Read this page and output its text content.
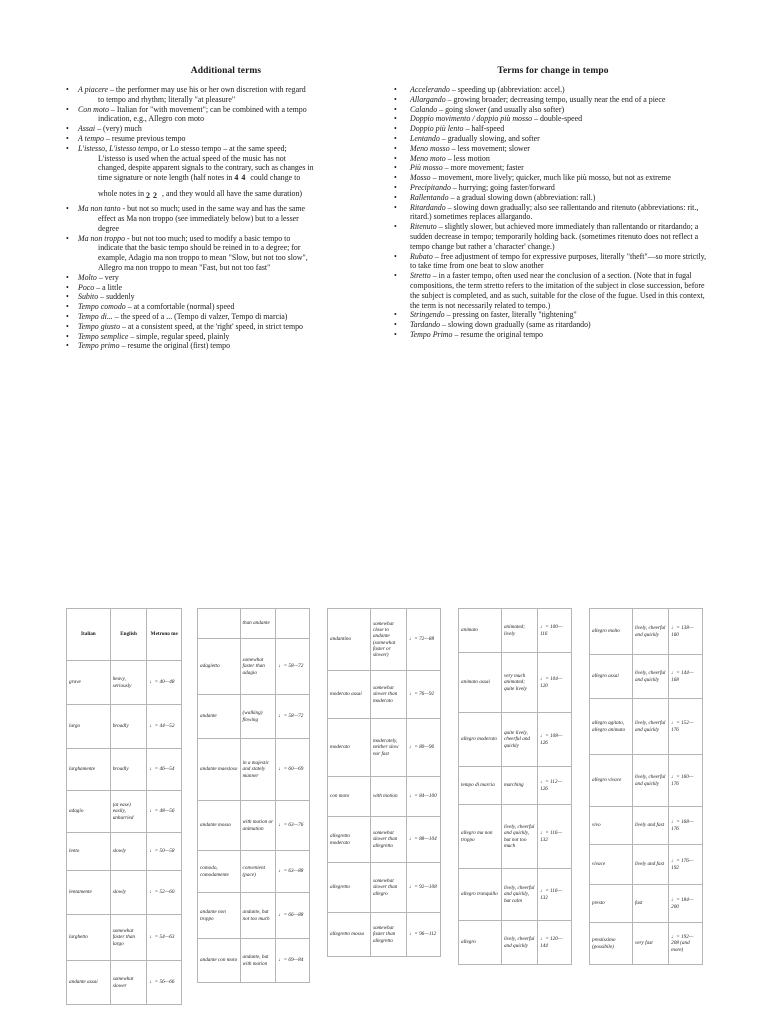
Additional terms
• A piacere – the performer may use his or her own discretion with regard
to tempo and rhythm; literally "at pleasure"
• Con moto – Italian for "with movement"; can be combined with a tempo
indication, e.g., Allegro con moto
• Assai – (very) much
• A tempo – resume previous tempo
• L'istesso, L'istesso tempo, or Lo stesso tempo – at the same speed;
L'istesso is used when the actual speed of the music has not
changed, despite apparent signals to the contrary, such as changes in
time signature or note length (half notes in 4 4 could change to
whole notes in 2 2 , and they would all have the same duration)
• Ma non tanto - but not so much; used in the same way and has the same
effect as Ma non troppo (see immediately below) but to a lesser
degree
• Ma non troppo - but not too much; used to modify a basic tempo to
indicate that the basic tempo should be reined in to a degree; for
example, Adagio ma non troppo to mean "Slow, but not too slow",
Allegro ma non troppo to mean "Fast, but not too fast"
• Molto – very
• Poco – a little
• Subito – suddenly
• Tempo comodo – at a comfortable (normal) speed
• Tempo di... – the speed of a ... (Tempo di valzer, Tempo di marcia)
• Tempo giusto – at a consistent speed, at the 'right' speed, in strict tempo
• Tempo semplice – simple, regular speed, plainly
• Tempo primo – resume the original (first) tempo
Terms for change in tempo
• Accelerando – speeding up (abbreviation: accel.)
• Allargando – growing broader; decreasing tempo, usually near the end of a piece
• Calando – going slower (and usually also softer)
• Doppio movimento / doppio più mosso – double-speed
• Doppio più lento – half-speed
• Lentando – gradually slowing, and softer
• Meno mosso – less movement; slower
• Meno moto – less motion
• Più mosso – more movement; faster
• Mosso – movement, more lively; quicker, much like più mosso, but not as extreme
• Precipitando – hurrying; going faster/forward
• Rallentando – a gradual slowing down (abbreviation: rall.)
• Ritardando – slowing down gradually; also see rallentando and ritenuto (abbreviations: rit., ritard.) sometimes replaces allargando.
• Ritenuto – slightly slower, but achieved more immediately than rallentando or ritardando; a sudden decrease in tempo; temporarily holding back. (sometimes ritenuto does not reflect a tempo change but rather a 'character' change.)
• Rubato – free adjustment of tempo for expressive purposes, literally "theft"—so more strictly, to take time from one beat to slow another
• Stretto – in a faster tempo, often used near the conclusion of a section. (Note that in fugal compositions, the term stretto refers to the imitation of the subject in close succession, before the subject is completed, and as such, suitable for the close of the fugue. Used in this context, the term is not necessarily related to tempo.)
• Stringendo – pressing on faster, literally "tightening"
• Tardando – slowing down gradually (same as ritardando)
• Tempo Primo – resume the original tempo
Italian	English	Metrono me
grave	heavy, seriously	♩= 40—48
largo	broadly	♩= 44—52
larghamente	broadly	♩= 46—54
adagio	(at ease) easily, unhurried	♩= 48—56
lento	slowly	♩= 50—58
lentamente	slowly	♩= 52—60
larghetto	somewhat faster than largo	♩= 54—63
andante assai	somewhat slower	♩= 56—66
	than andante	
adagietto	somewhat faster than adagio	♩= 58—72
andante	(walking) flowing	♩= 58—72
andante maestoso	in a majestic and stately manner	♩= 60—69
andante mosso	with motion or animation	♩= 63—76
comodo, comodamente	convenient (pace)	♩= 63—88
andante non troppo	andante, but not too much	♩= 66—88
andante con moto	andante, but with motion	♩= 69—84
andantino	somewhat close to andante (somewhat faster or slower)	♩= 72—88
moderato assai	somewhat slower than moderato	♩= 76—92
moderato	moderately, neither slow nor fast	♩= 80—96
con moto	with motion	♩= 84—100
allegretto moderato	somewhat slower than allegretto	♩= 88—104
allegretto	somewhat slower than allegro	♩= 92—108
allegretto mosso	somewhat faster than allegretto	♩= 96—112
animato	animated; lively	♩= 100—116
animato assai	very much animated; quite lively	♩= 104—120
allegro moderato	quite lively, cheerful and quickly	♩= 108—126
tempo di marcia	marching	♩= 112—126
allegro ma non troppo	lively, cheerful and quickly, but not too much	♩= 116—132
allegro tranquillo	lively, cheerful and quickly, but calm	♩= 116—132
allegro	lively, cheerful and quickly	♩= 120—144
allegro molto	lively, cheerful and quickly	♩= 138—160
allegro assai	lively, cheerful and quickly	♩= 144—168
allegro agitato, allegro animato	lively, cheerful and quickly	♩= 152—176
allegro vivace	lively, cheerful and quickly	♩= 160—176
vivo	lively and fast	♩= 168—176
vivace	lively and fast	♩= 176—192
presto	fast	♩= 184—200
prestissimo (possibile)	very fast	♩= 192—208 (and more)
